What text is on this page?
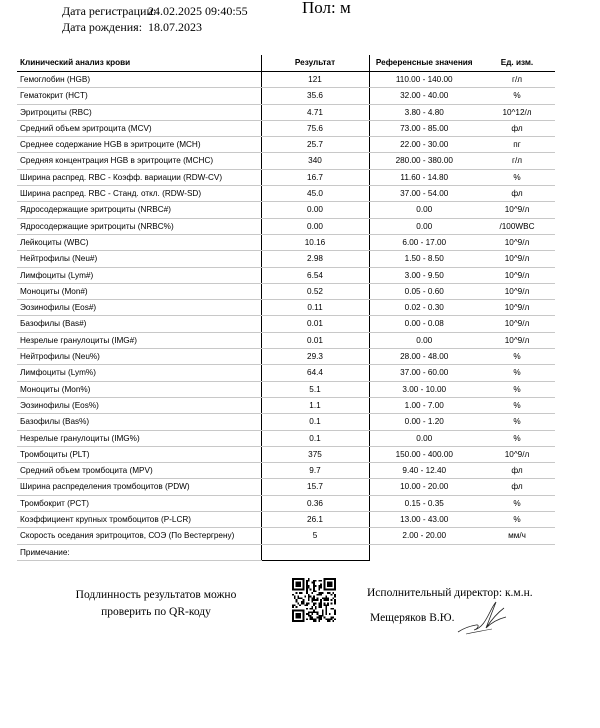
Дата регистрации:
24.02.2025 09:40:55	Пол: м
Дата рождения: 18.07.2023
Клинический анализ крови	Результат	Референсные значения	Ед. изм.
Гемоглобин (HGB)	121	110.00 - 140.00	г/л
Гематокрит (HCT)	35.6	32.00 - 40.00	%
Эритроциты (RBC)	4.71	3.80 - 4.80	10^12/л
Средний объем эритроцита (MCV)	75.6	73.00 - 85.00	фл
Среднее содержание HGB в эритроците (MCH)	25.7	22.00 - 30.00	пг
Средняя концентрация HGB в эритроците (MCHC)	340	280.00 - 380.00	г/л
Ширина распред. RBC - Коэфф. вариации (RDW-CV)	16.7	11.60 - 14.80	%
Ширина распред. RBC - Станд. откл. (RDW-SD)	45.0	37.00 - 54.00	фл
Ядросодержащие эритроциты (NRBC#)	0.00	0.00	10^9/л
Ядросодержащие эритроциты (NRBC%)	0.00	0.00	/100WBC
Лейкоциты (WBC)	10.16	6.00 - 17.00	10^9/л
Нейтрофилы (Neu#)	2.98	1.50 - 8.50	10^9/л
Лимфоциты (Lym#)	6.54	3.00 - 9.50	10^9/л
Моноциты (Mon#)	0.52	0.05 - 0.60	10^9/л
Эозинофилы (Eos#)	0.11	0.02 - 0.30	10^9/л
Базофилы (Bas#)	0.01	0.00 - 0.08	10^9/л
Незрелые гранулоциты (IMG#)	0.01	0.00	10^9/л
Нейтрофилы (Neu%)	29.3	28.00 - 48.00	%
Лимфоциты (Lym%)	64.4	37.00 - 60.00	%
Моноциты (Mon%)	5.1	3.00 - 10.00	%
Эозинофилы (Eos%)	1.1	1.00 - 7.00	%
Базофилы (Bas%)	0.1	0.00 - 1.20	%
Незрелые гранулоциты (IMG%)	0.1	0.00	%
Тромбоциты (PLT)	375	150.00 - 400.00	10^9/л
Средний объем тромбоцита (MPV)	9.7	9.40 - 12.40	фл
Ширина распределения тромбоцитов (PDW)	15.7	10.00 - 20.00	фл
Тромбокрит (PCT)	0.36	0.15 - 0.35	%
Коэффициент крупных тромбоцитов (P-LCR)	26.1	13.00 - 43.00	%
Скорость оседания эритроцитов, СОЭ (По Вестергрену)	5	2.00 - 20.00	мм/ч
Примечание:			
Подлинность результатов можно проверить по QR-коду
Исполнительный директор: к.м.н.
Мещеряков В.Ю.
